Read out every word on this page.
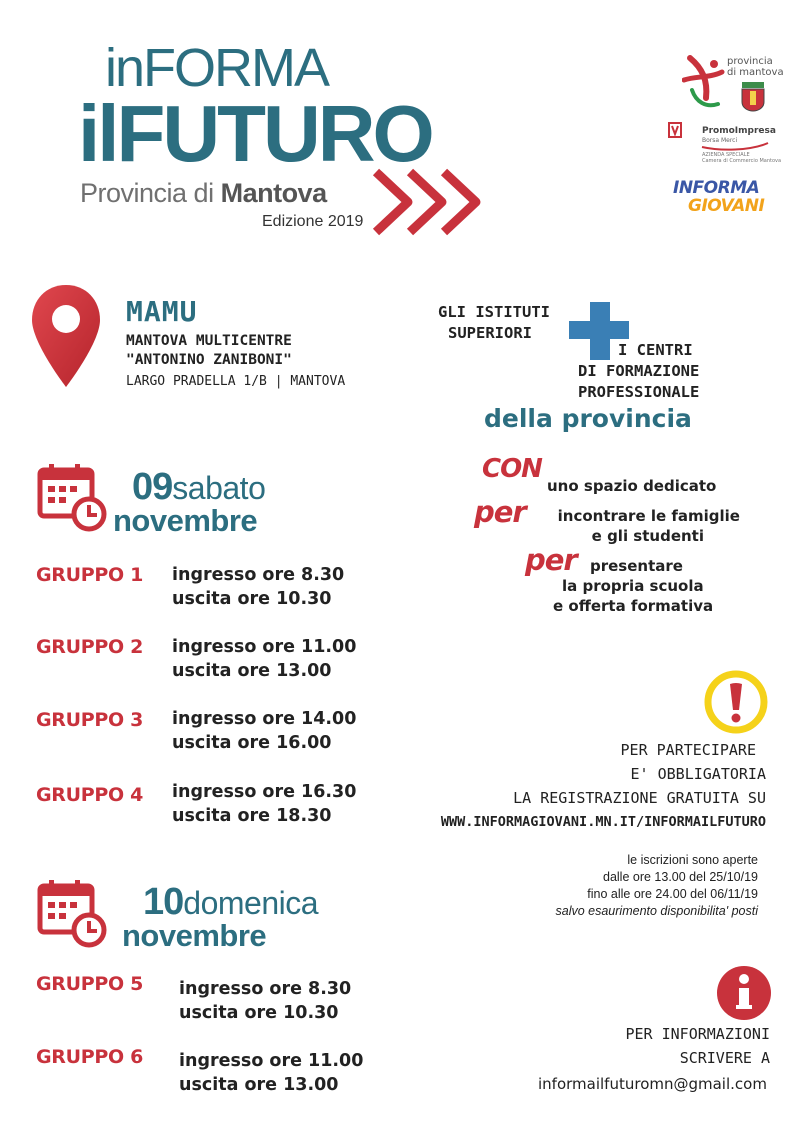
inFORMA
ilFUTURO
Provincia di Mantova
Edizione 2019
provincia
di mantova
PromoImpresa
Borsa Merci
AZIENDA SPECIALE
Camera di Commercio Mantova
INFORMA
GIOVANI
MAMU
MANTOVA MULTICENTRE
"ANTONINO ZANIBONI"
LARGO PRADELLA 1/B | MANTOVA
09sabato
novembre
GRUPPO 1 ingresso ore 8.30
uscita ore 10.30
GRUPPO 2 ingresso ore 11.00
uscita ore 13.00
GRUPPO 3 ingresso ore 14.00
uscita ore 16.00
GRUPPO 4 ingresso ore 16.30
uscita ore 18.30
10domenica
novembre
GRUPPO 5 ingresso ore 8.30
uscita ore 10.30
GRUPPO 6 ingresso ore 11.00
uscita ore 13.00
GLI ISTITUTI
SUPERIORI
I CENTRI
DI FORMAZIONE
PROFESSIONALE
della provincia
CON
uno spazio dedicato
per	incontrare le famiglie
e gli studenti
per presentare
la propria scuola
e offerta formativa
PER PARTECIPARE
E' OBBLIGATORIA
LA REGISTRAZIONE GRATUITA SU
WWW.INFORMAGIOVANI.MN.IT/INFORMAILFUTURO
le iscrizioni sono aperte
dalle ore 13.00 del 25/10/19
fino alle ore 24.00 del 06/11/19
salvo esaurimento disponibilita' posti
PER INFORMAZIONI
SCRIVERE A
informailfuturomn@gmail.com
